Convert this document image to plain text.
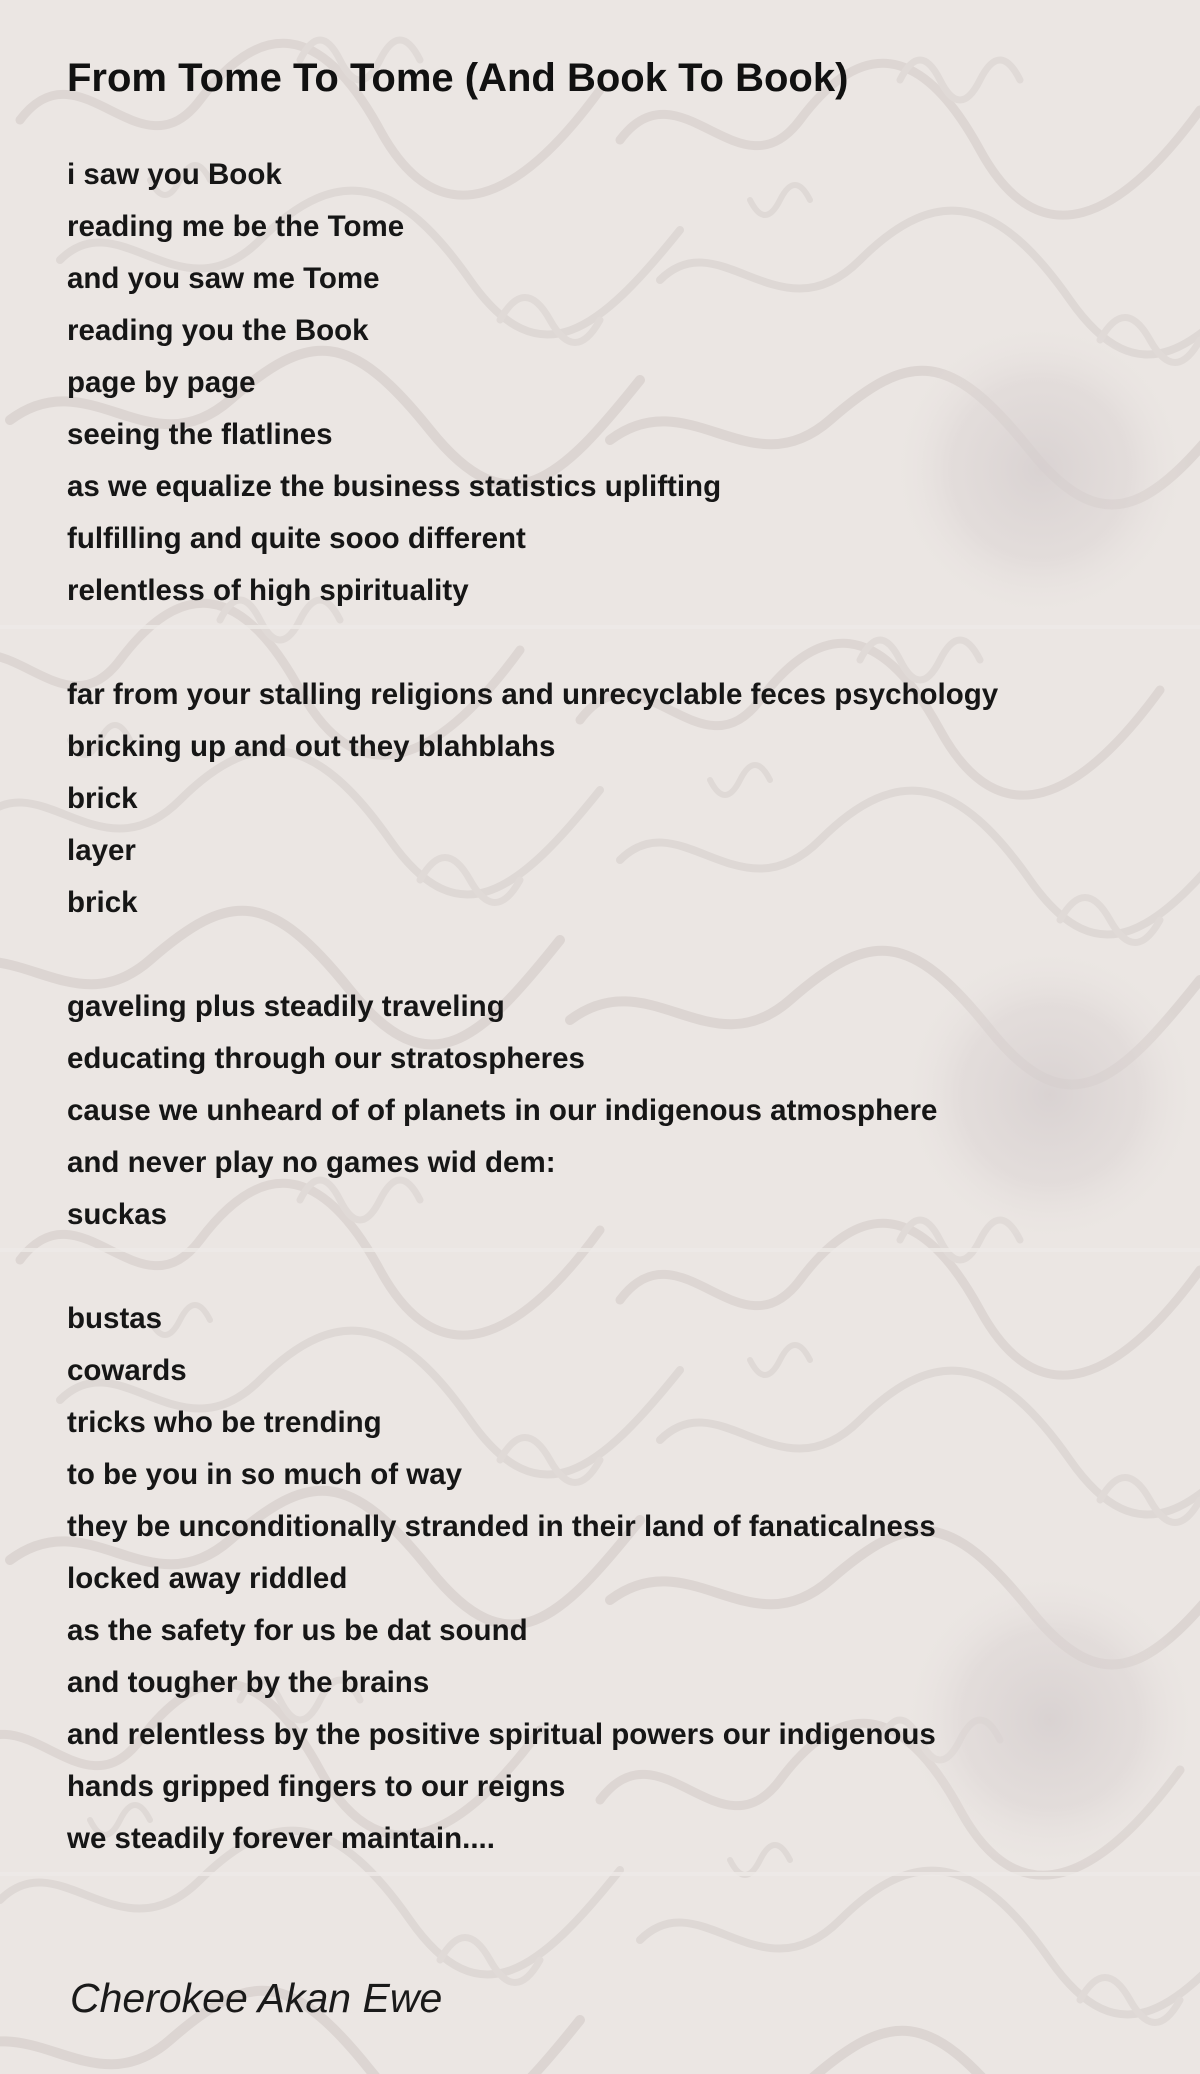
From Tome To Tome (And Book To Book)
i saw you Book
reading me be the Tome
and you saw me Tome
reading you the Book
page by page
seeing the flatlines
as we equalize the business statistics uplifting
fulfilling and quite sooo different
relentless of high spirituality
far from your stalling religions and unrecyclable feces psychology
bricking up and out they blahblahs
brick
layer
brick
gaveling plus steadily traveling
educating through our stratospheres
cause we unheard of of planets in our indigenous atmosphere
and never play no games wid dem:
suckas
bustas
cowards
tricks who be trending
to be you in so much of way
they be unconditionally stranded in their land of fanaticalness
locked away riddled
as the safety for us be dat sound
and tougher by the brains
and relentless by the positive spiritual powers our indigenous
hands gripped fingers to our reigns
we steadily forever maintain....

Cherokee Akan Ewe
